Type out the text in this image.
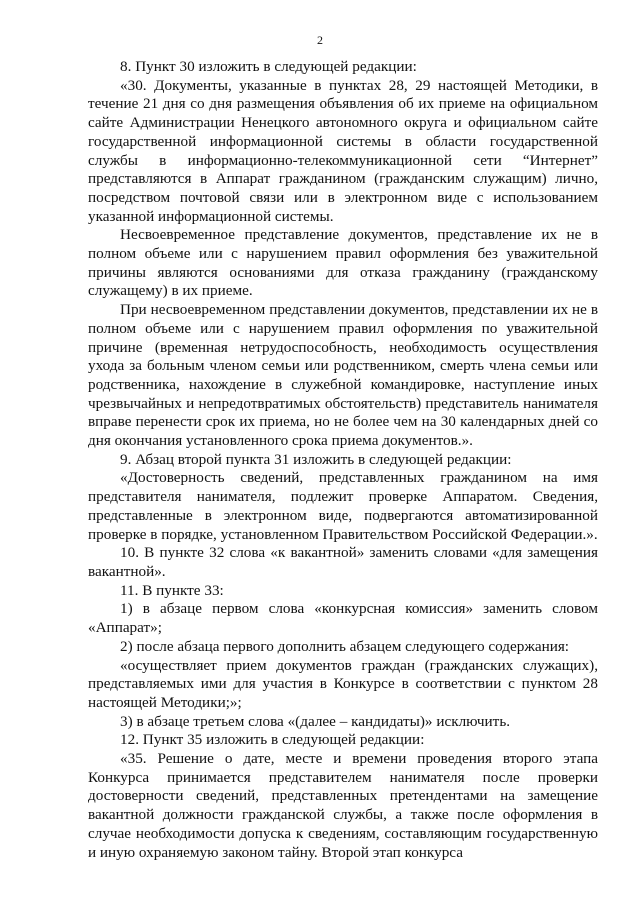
2

8. Пункт 30 изложить в следующей редакции:

«30. Документы, указанные в пунктах 28, 29 настоящей Методики, в течение 21 дня со дня размещения объявления об их приеме на официальном сайте Администрации Ненецкого автономного округа и официальном сайте государственной информационной системы в области государственной службы в информационно-телекоммуникационной сети “Интернет” представляются в Аппарат гражданином (гражданским служащим) лично, посредством почтовой связи или в электронном виде с использованием указанной информационной системы.

Несвоевременное представление документов, представление их не в полном объеме или с нарушением правил оформления без уважительной причины являются основаниями для отказа гражданину (гражданскому служащему) в их приеме.

При несвоевременном представлении документов, представлении их не в полном объеме или с нарушением правил оформления по уважительной причине (временная нетрудоспособность, необходимость осуществления ухода за больным членом семьи или родственником, смерть члена семьи или родственника, нахождение в служебной командировке, наступление иных чрезвычайных и непредотвратимых обстоятельств) представитель нанимателя вправе перенести срок их приема, но не более чем на 30 календарных дней со дня окончания установленного срока приема документов.».

9. Абзац второй пункта 31 изложить в следующей редакции:

«Достоверность сведений, представленных гражданином на имя представителя нанимателя, подлежит проверке Аппаратом. Сведения, представленные в электронном виде, подвергаются автоматизированной проверке в порядке, установленном Правительством Российской Федерации.».

10. В пункте 32 слова «к вакантной» заменить словами «для замещения вакантной».

11. В пункте 33:

1) в абзаце первом слова «конкурсная комиссия» заменить словом «Аппарат»;

2) после абзаца первого дополнить абзацем следующего содержания:

«осуществляет прием документов граждан (гражданских служащих), представляемых ими для участия в Конкурсе в соответствии с пунктом 28 настоящей Методики;»;

3) в абзаце третьем слова «(далее – кандидаты)» исключить.

12. Пункт 35 изложить в следующей редакции:

«35. Решение о дате, месте и времени проведения второго этапа Конкурса принимается представителем нанимателя после проверки достоверности сведений, представленных претендентами на замещение вакантной должности гражданской службы, а также после оформления в случае необходимости допуска к сведениям, составляющим государственную и иную охраняемую законом тайну. Второй этап конкурса
